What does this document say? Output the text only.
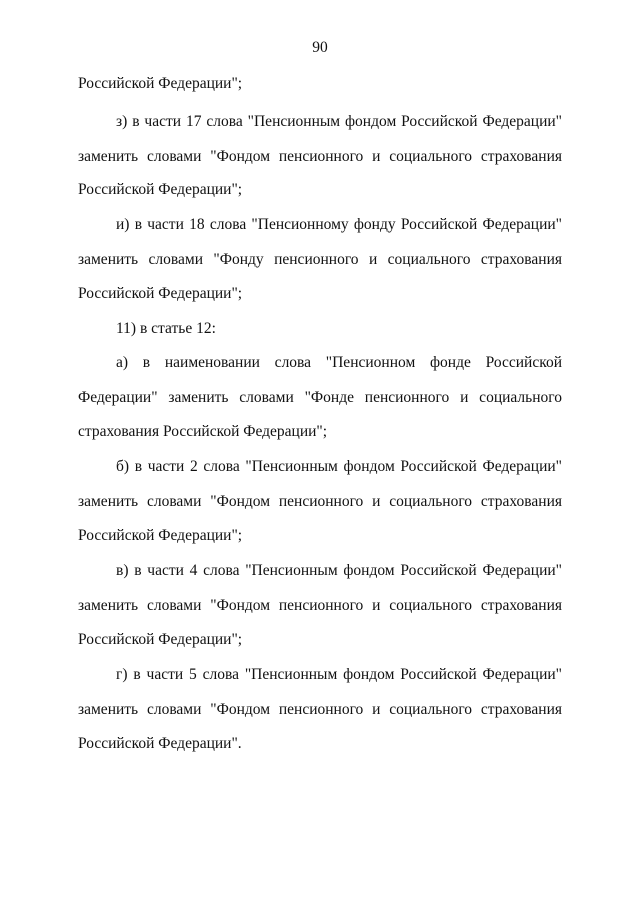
90
Российской Федерации";
з) в части 17 слова "Пенсионным фондом Российской Федерации"
заменить словами "Фондом пенсионного и социального страхования
Российской Федерации";
и) в части 18 слова "Пенсионному фонду Российской Федерации"
заменить словами "Фонду пенсионного и социального страхования
Российской Федерации";
11) в статье 12:
а) в наименовании слова "Пенсионном фонде Российской
Федерации" заменить словами "Фонде пенсионного и социального
страхования Российской Федерации";
б) в части 2 слова "Пенсионным фондом Российской Федерации"
заменить словами "Фондом пенсионного и социального страхования
Российской Федерации";
в) в части 4 слова "Пенсионным фондом Российской Федерации"
заменить словами "Фондом пенсионного и социального страхования
Российской Федерации";
г) в части 5 слова "Пенсионным фондом Российской Федерации"
заменить словами "Фондом пенсионного и социального страхования
Российской Федерации".
